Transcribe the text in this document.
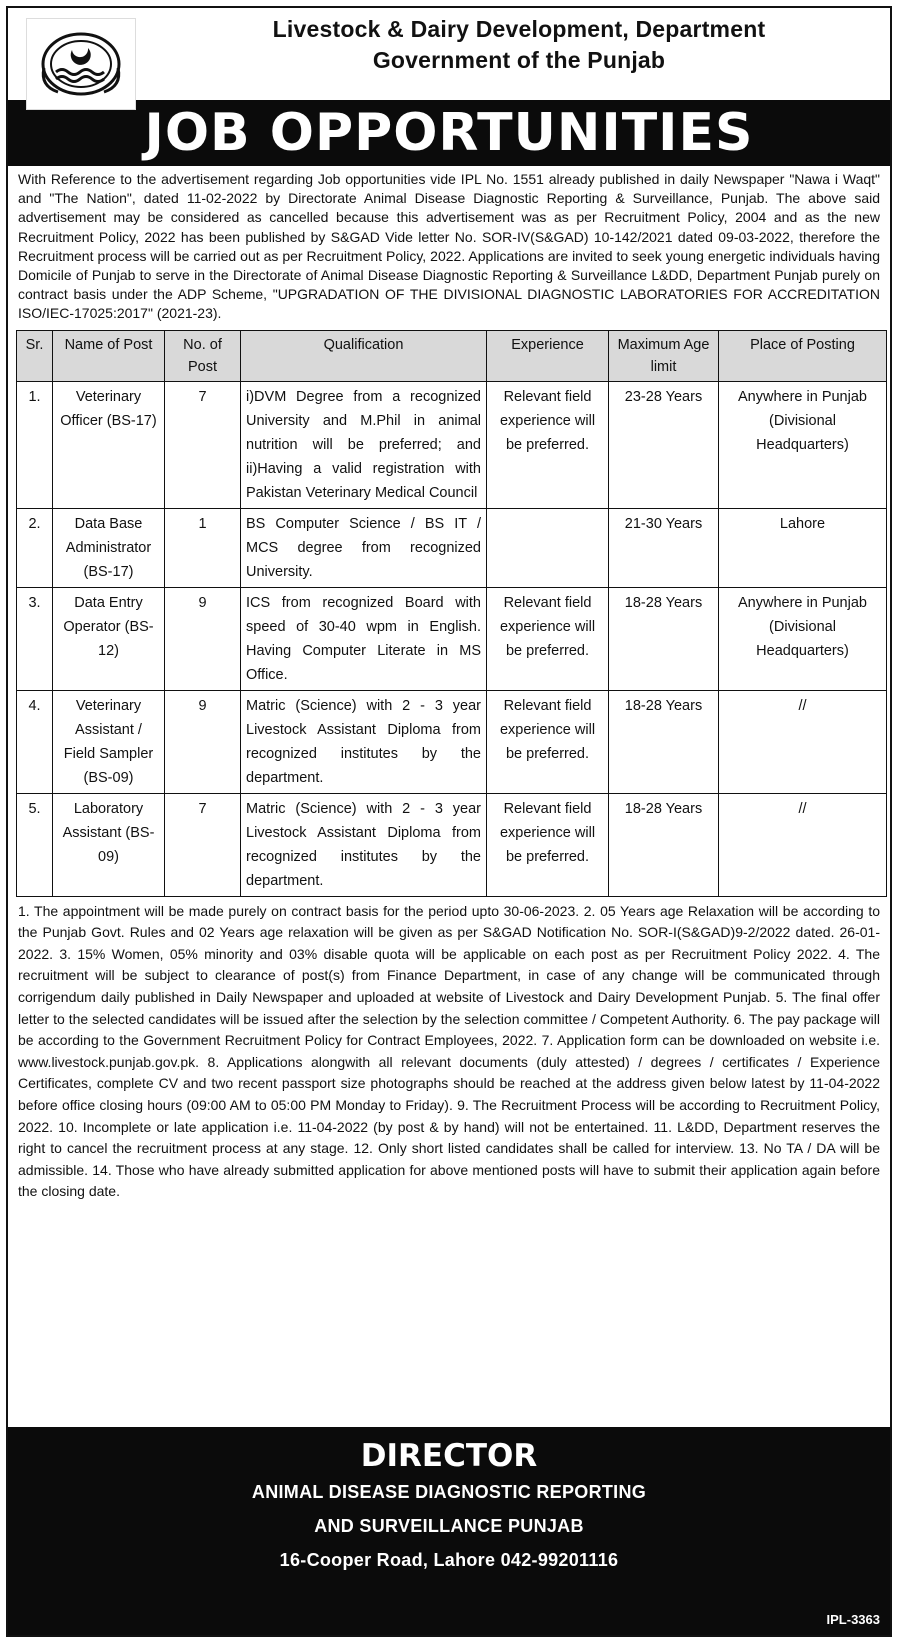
Livestock & Dairy Development, Department
Government of the Punjab
JOB OPPORTUNITIES
With Reference to the advertisement regarding Job opportunities vide IPL No. 1551 already published in daily Newspaper "Nawa i Waqt" and "The Nation", dated 11-02-2022 by Directorate Animal Disease Diagnostic Reporting & Surveillance, Punjab. The above said advertisement may be considered as cancelled because this advertisement was as per Recruitment Policy, 2004 and as the new Recruitment Policy, 2022 has been published by S&GAD Vide letter No. SOR-IV(S&GAD) 10-142/2021 dated 09-03-2022, therefore the Recruitment process will be carried out as per Recruitment Policy, 2022. Applications are invited to seek young energetic individuals having Domicile of Punjab to serve in the Directorate of Animal Disease Diagnostic Reporting & Surveillance L&DD, Department Punjab purely on contract basis under the ADP Scheme, "UPGRADATION OF THE DIVISIONAL DIAGNOSTIC LABORATORIES FOR ACCREDITATION ISO/IEC-17025:2017" (2021-23).
Sr.	Name of Post	No. of Post	Qualification	Experience	Maximum Age limit	Place of Posting
1.	Veterinary Officer (BS-17)	7	i)DVM Degree from a recognized University and M.Phil in animal nutrition will be preferred; and ii)Having a valid registration with Pakistan Veterinary Medical Council	Relevant field experience will be preferred.	23-28 Years	Anywhere in Punjab (Divisional Headquarters)
2.	Data Base Administrator (BS-17)	1	BS Computer Science / BS IT / MCS degree from recognized University.		21-30 Years	Lahore
3.	Data Entry Operator (BS-12)	9	ICS from recognized Board with speed of 30-40 wpm in English. Having Computer Literate in MS Office.	Relevant field experience will be preferred.	18-28 Years	Anywhere in Punjab (Divisional Headquarters)
4.	Veterinary Assistant / Field Sampler (BS-09)	9	Matric (Science) with 2 - 3 year Livestock Assistant Diploma from recognized institutes by the department.	Relevant field experience will be preferred.	18-28 Years	//
5.	Laboratory Assistant (BS-09)	7	Matric (Science) with 2 - 3 year Livestock Assistant Diploma from recognized institutes by the department.	Relevant field experience will be preferred.	18-28 Years	//
1. The appointment will be made purely on contract basis for the period upto 30-06-2023. 2. 05 Years age Relaxation will be according to the Punjab Govt. Rules and 02 Years age relaxation will be given as per S&GAD Notification No. SOR-I(S&GAD)9-2/2022 dated. 26-01-2022. 3. 15% Women, 05% minority and 03% disable quota will be applicable on each post as per Recruitment Policy 2022. 4. The recruitment will be subject to clearance of post(s) from Finance Department, in case of any change will be communicated through corrigendum daily published in Daily Newspaper and uploaded at website of Livestock and Dairy Development Punjab. 5. The final offer letter to the selected candidates will be issued after the selection by the selection committee / Competent Authority. 6. The pay package will be according to the Government Recruitment Policy for Contract Employees, 2022. 7. Application form can be downloaded on website i.e. www.livestock.punjab.gov.pk. 8. Applications alongwith all relevant documents (duly attested) / degrees / certificates / Experience Certificates, complete CV and two recent passport size photographs should be reached at the address given below latest by 11-04-2022 before office closing hours (09:00 AM to 05:00 PM Monday to Friday). 9. The Recruitment Process will be according to Recruitment Policy, 2022. 10. Incomplete or late application i.e. 11-04-2022 (by post & by hand) will not be entertained. 11. L&DD, Department reserves the right to cancel the recruitment process at any stage. 12. Only short listed candidates shall be called for interview. 13. No TA / DA will be admissible. 14. Those who have already submitted application for above mentioned posts will have to submit their application again before the closing date.
DIRECTOR
ANIMAL DISEASE DIAGNOSTIC REPORTING
AND SURVEILLANCE PUNJAB
16-Cooper Road, Lahore 042-99201116
IPL-3363
